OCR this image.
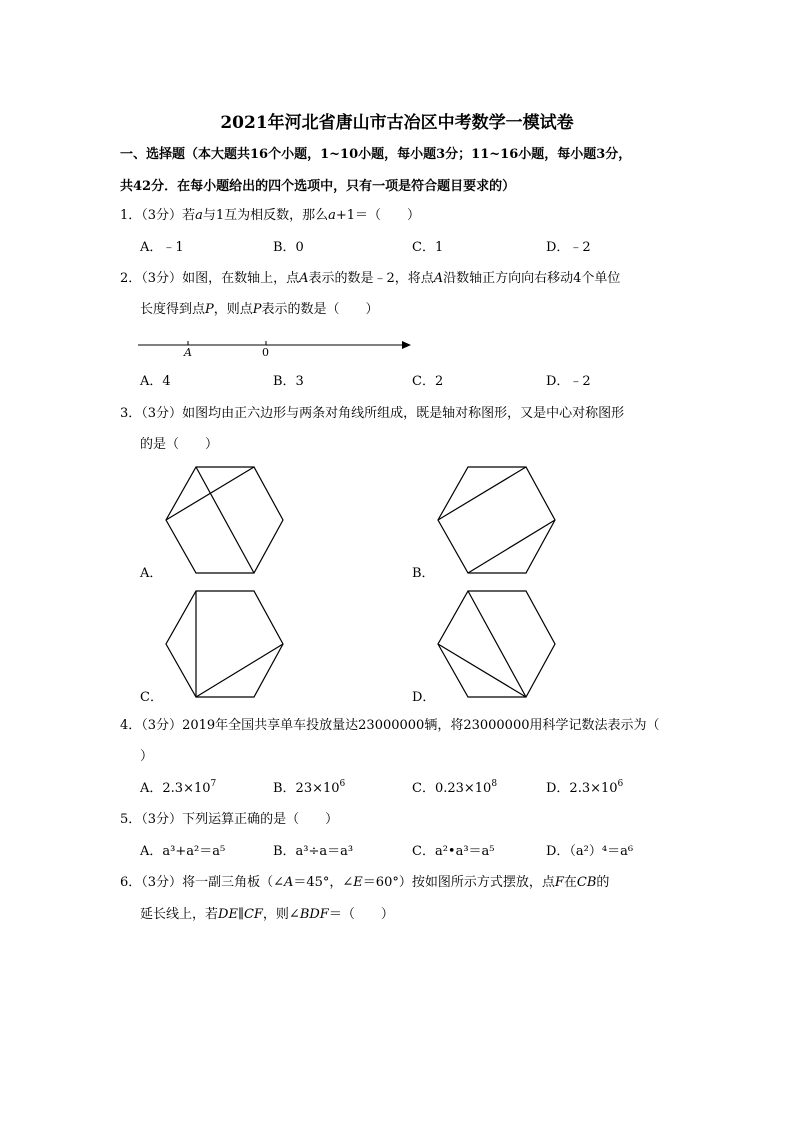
2021年河北省唐山市古冶区中考数学一模试卷
一、选择题（本大题共16个小题，1~10小题，每小题3分；11~16小题，每小题3分，
共42分．在每小题给出的四个选项中，只有一项是符合题目要求的）
1．（3分）若a与1互为相反数，那么a+1＝（　　）
A．﹣1	B．0	C．1	D．﹣2
2．（3分）如图，在数轴上，点A表示的数是﹣2，将点A沿数轴正方向向右移动4个单位
长度得到点P，则点P表示的数是（　　）
A	0
A．4	B．3	C．2	D．﹣2
3．（3分）如图均由正六边形与两条对角线所组成，既是轴对称图形，又是中心对称图形
的是（　　）
A．	B．
C．	D．
4．（3分）2019年全国共享单车投放量达23000000辆，将23000000用科学记数法表示为（
）
A．$2.3\times 10^7$	B．$23\times 10^6$	C．$0.23\times 10^8$	D．$2.3\times 10^6$
5．（3分）下列运算正确的是（　　）
A．a³+a²＝a⁵	B．a³÷a＝a³	C．a²•a³＝a⁵	D．（a²）⁴＝a⁶
6．（3分）将一副三角板（∠A＝45°，∠E＝60°）按如图所示方式摆放，点F在CB的
延长线上，若DE∥CF，则∠BDF＝（　　）
